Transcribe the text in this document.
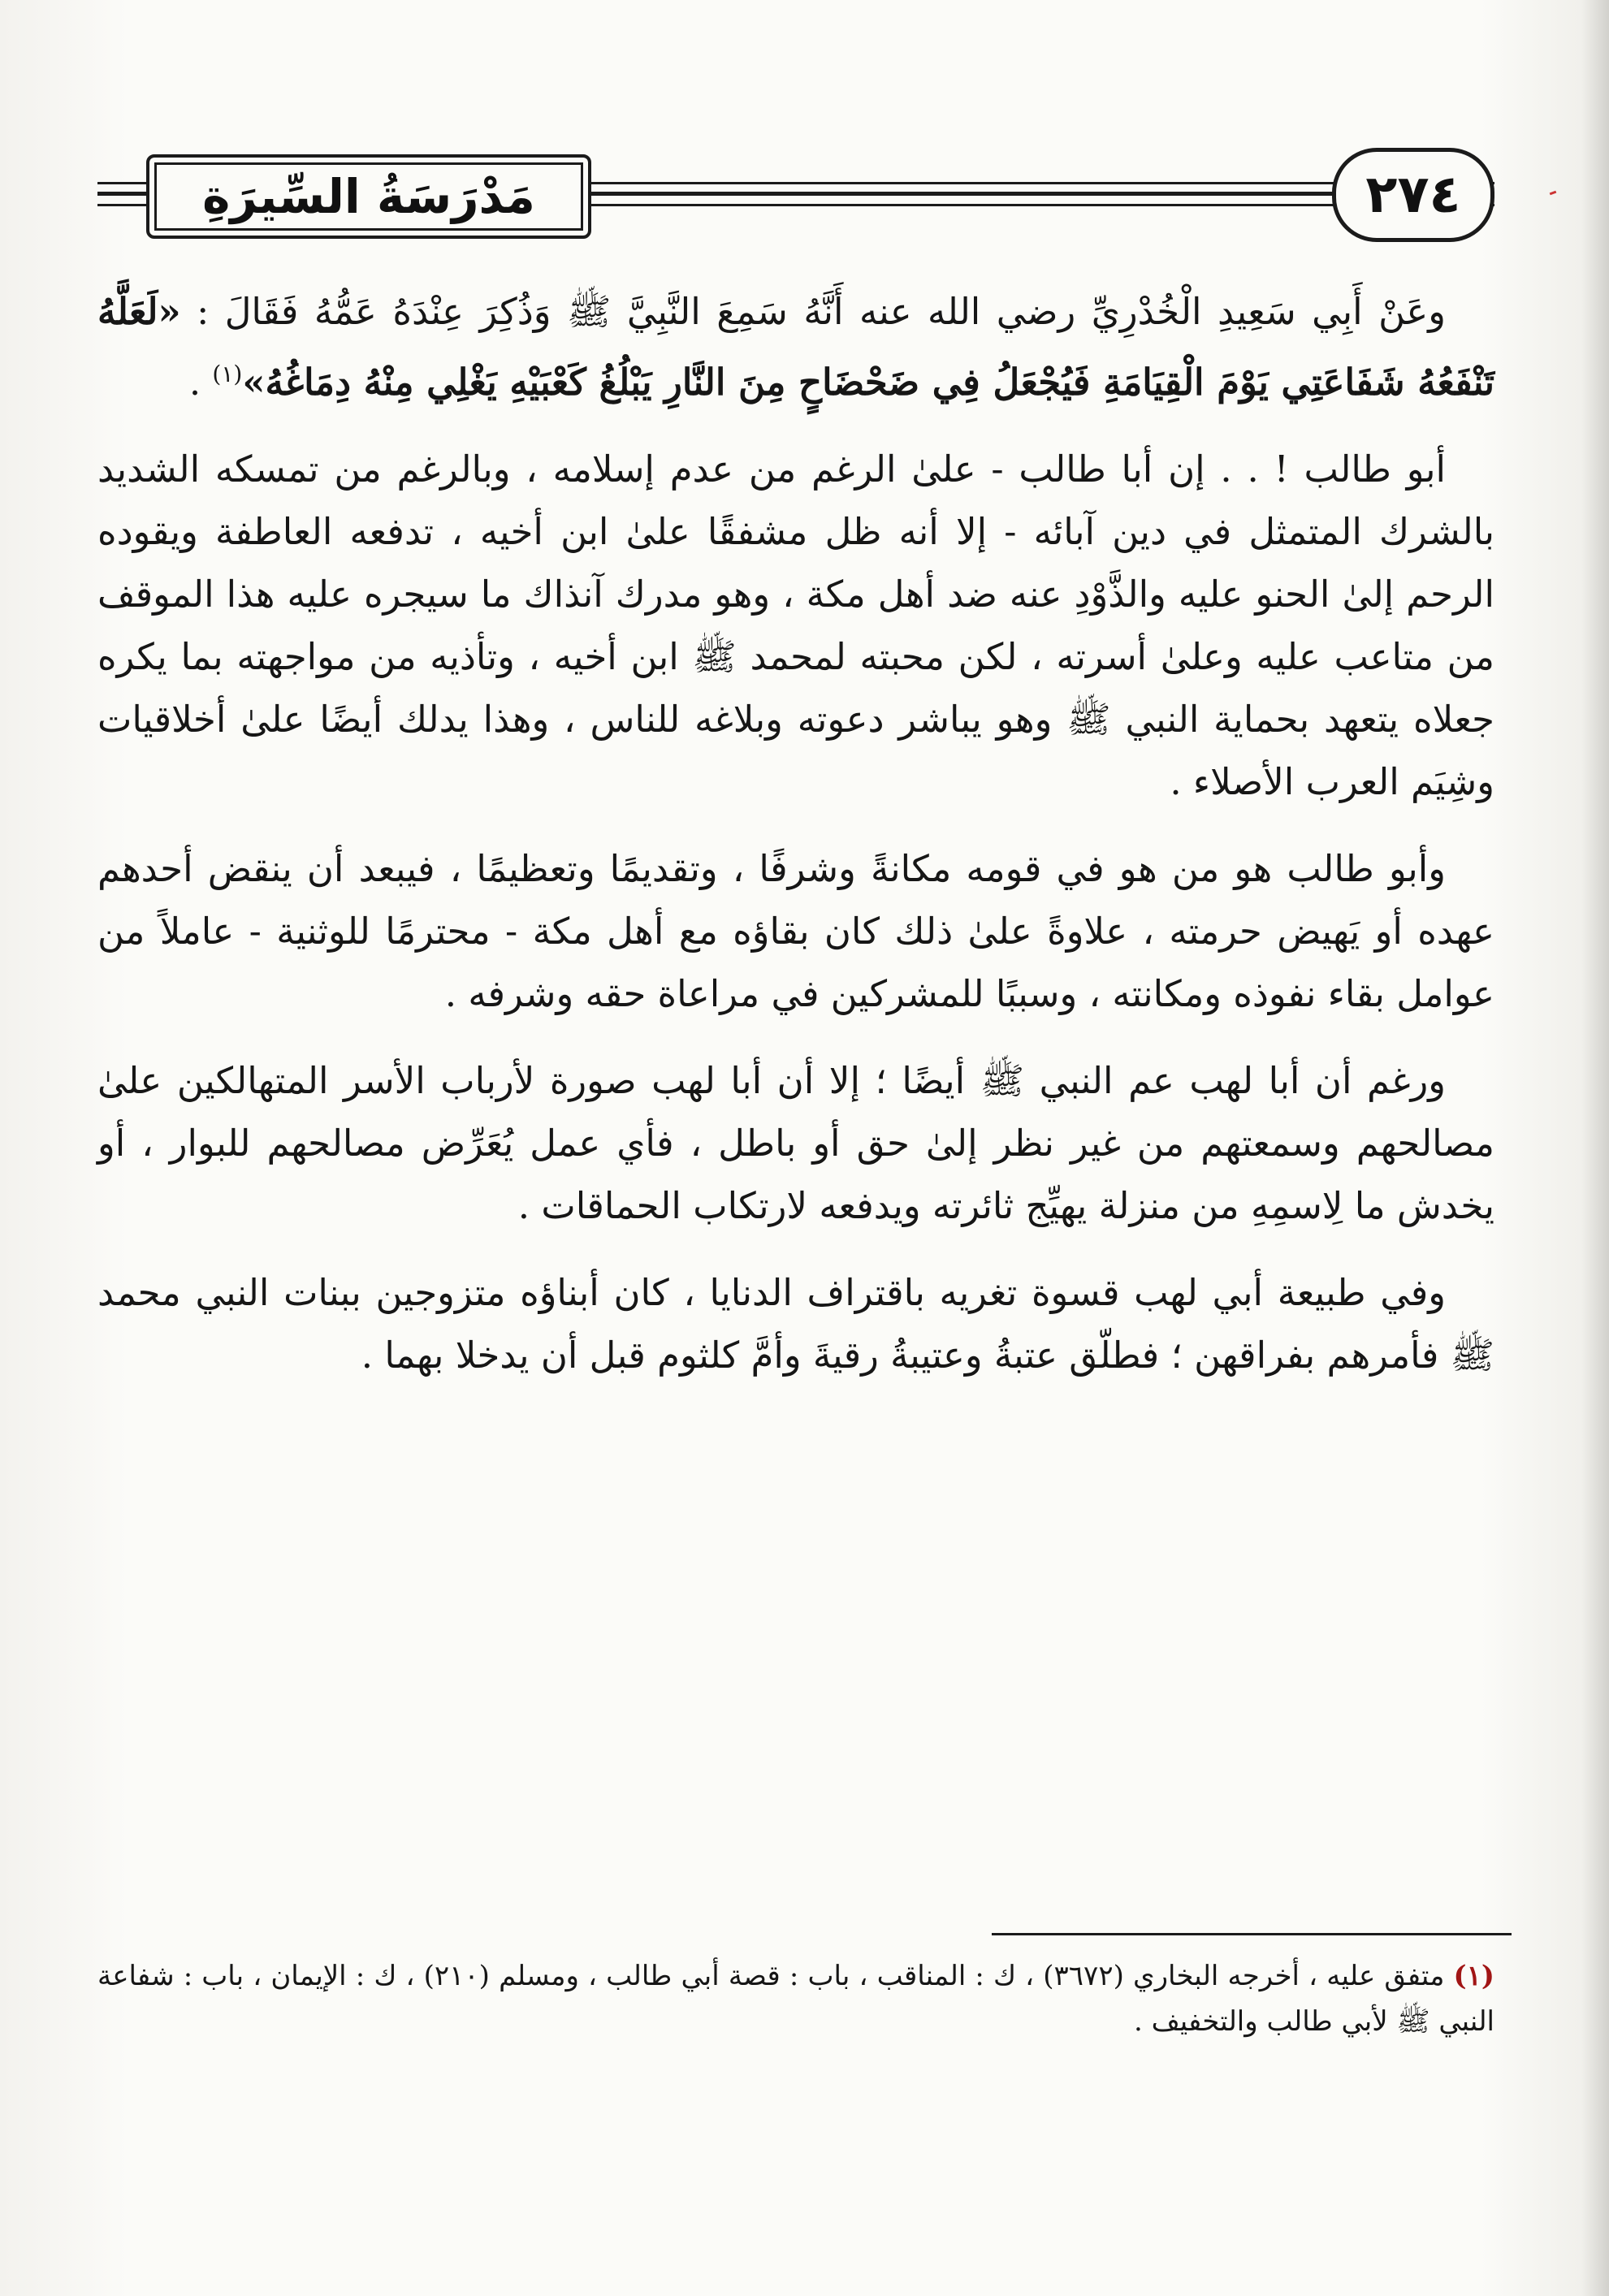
٢٧٤
مَدْرَسَةُ السِّيرَةِ

وعَنْ أَبِي سَعِيدِ الْخُدْرِيِّ رضي الله عنه أَنَّهُ سَمِعَ النَّبِيَّ ﷺ وَذُكِرَ عِنْدَهُ عَمُّهُ فَقَالَ : «لَعَلَّهُ تَنْفَعُهُ شَفَاعَتِي يَوْمَ الْقِيَامَةِ فَيُجْعَلُ فِي ضَحْضَاحٍ مِنَ النَّارِ يَبْلُغُ كَعْبَيْهِ يَغْلِي مِنْهُ دِمَاغُهُ»$^{(١)}$ .

أبو طالب ! . . إن أبا طالب - علىٰ الرغم من عدم إسلامه ، وبالرغم من تمسكه الشديد بالشرك المتمثل في دين آبائه - إلا أنه ظل مشفقًا علىٰ ابن أخيه ، تدفعه العاطفة ويقوده الرحم إلىٰ الحنو عليه والذَّوْدِ عنه ضد أهل مكة ، وهو مدرك آنذاك ما سيجره عليه هذا الموقف من متاعب عليه وعلىٰ أسرته ، لكن محبته لمحمد ﷺ ابن أخيه ، وتأذيه من مواجهته بما يكره جعلاه يتعهد بحماية النبي ﷺ وهو يباشر دعوته وبلاغه للناس ، وهذا يدلك أيضًا علىٰ أخلاقيات وشِيَم العرب الأصلاء .

وأبو طالب هو من هو في قومه مكانةً وشرفًا ، وتقديمًا وتعظيمًا ، فيبعد أن ينقض أحدهم عهده أو يَهيض حرمته ، علاوةً علىٰ ذلك كان بقاؤه مع أهل مكة - محترمًا للوثنية - عاملاً من عوامل بقاء نفوذه ومكانته ، وسببًا للمشركين في مراعاة حقه وشرفه .

ورغم أن أبا لهب عم النبي ﷺ أيضًا ؛ إلا أن أبا لهب صورة لأرباب الأسر المتهالكين علىٰ مصالحهم وسمعتهم من غير نظر إلىٰ حق أو باطل ، فأي عمل يُعَرِّض مصالحهم للبوار ، أو يخدش ما لِاسمِهِ من منزلة يهيِّج ثائرته ويدفعه لارتكاب الحماقات .

وفي طبيعة أبي لهب قسوة تغريه باقتراف الدنايا ، كان أبناؤه متزوجين ببنات النبي محمد ﷺ فأمرهم بفراقهن ؛ فطلّق عتبةُ وعتيبةُ رقيةَ وأمَّ كلثوم قبل أن يدخلا بهما .

(١) متفق عليه ، أخرجه البخاري (٣٦٧٢) ، ك : المناقب ، باب : قصة أبي طالب ، ومسلم (٢١٠) ، ك : الإيمان ، باب : شفاعة النبي ﷺ لأبي طالب والتخفيف .
